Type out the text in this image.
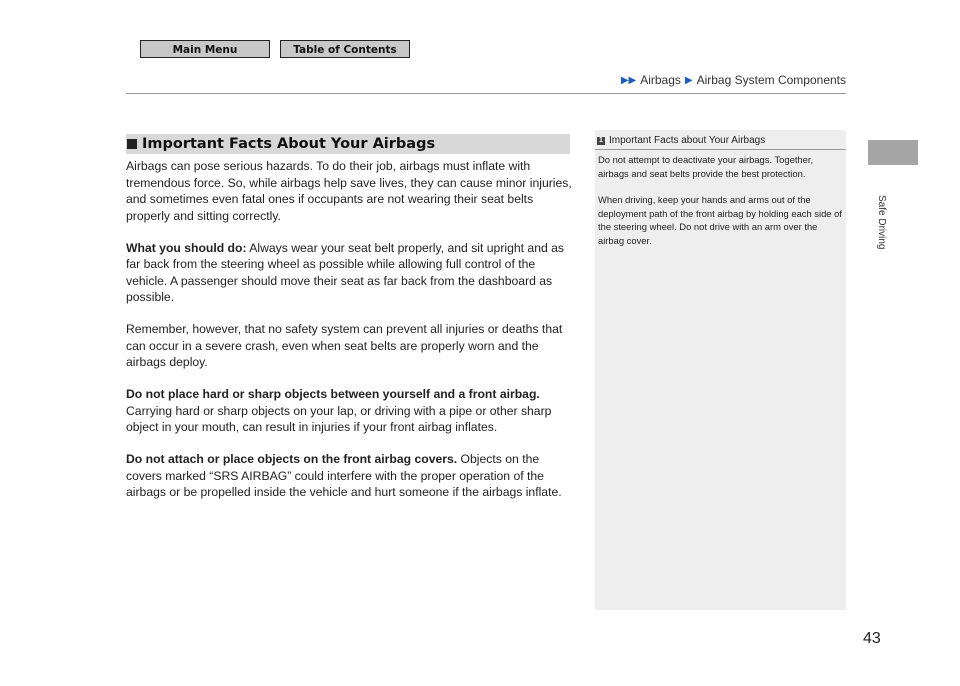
Main Menu	Table of Contents
▶▶ Airbags ▶ Airbag System Components
Safe Driving
43
Important Facts About Your Airbags

Airbags can pose serious hazards. To do their job, airbags must inflate with tremendous force. So, while airbags help save lives, they can cause minor injuries, and sometimes even fatal ones if occupants are not wearing their seat belts properly and sitting correctly.

What you should do: Always wear your seat belt properly, and sit upright and as far back from the steering wheel as possible while allowing full control of the vehicle. A passenger should move their seat as far back from the dashboard as possible.

Remember, however, that no safety system can prevent all injuries or deaths that can occur in a severe crash, even when seat belts are properly worn and the airbags deploy.

Do not place hard or sharp objects between yourself and a front airbag.
Carrying hard or sharp objects on your lap, or driving with a pipe or other sharp object in your mouth, can result in injuries if your front airbag inflates.

Do not attach or place objects on the front airbag covers. Objects on the covers marked “SRS AIRBAG” could interfere with the proper operation of the airbags or be propelled inside the vehicle and hurt someone if the airbags inflate.

1 Important Facts about Your Airbags

Do not attempt to deactivate your airbags. Together, airbags and seat belts provide the best protection.

When driving, keep your hands and arms out of the deployment path of the front airbag by holding each side of the steering wheel. Do not drive with an arm over the airbag cover.
